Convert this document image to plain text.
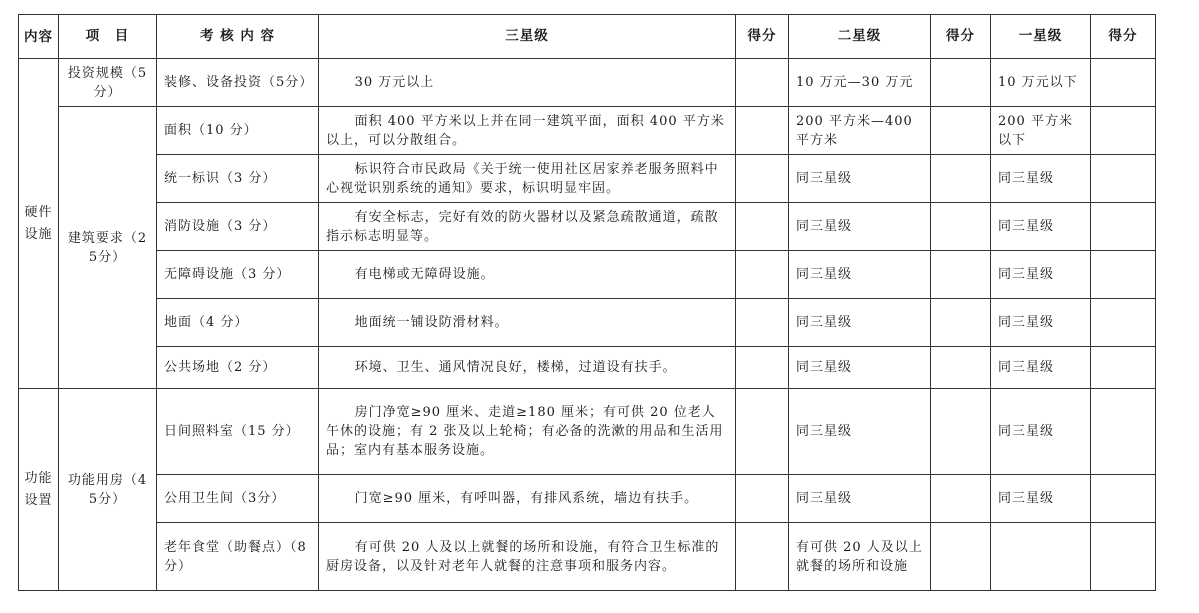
内容	项　目	考 核 内 容	三星级	得分	二星级	得分	一星级	得分
硬件设施	投资规模（5分）	装修、设备投资（5分）	30 万元以上		10 万元—30 万元		10 万元以下	
	建筑要求（25分）	面积（10 分）	面积 400 平方米以上并在同一建筑平面，面积 400 平方米以上，可以分散组合。		200 平方米—400 平方米		200 平方米以下	
		统一标识（3 分）	标识符合市民政局《关于统一使用社区居家养老服务照料中心视觉识别系统的通知》要求，标识明显牢固。		同三星级		同三星级	
		消防设施（3 分）	有安全标志，完好有效的防火器材以及紧急疏散通道，疏散指示标志明显等。		同三星级		同三星级	
		无障碍设施（3 分）	有电梯或无障碍设施。		同三星级		同三星级	
		地面（4 分）	地面统一铺设防滑材料。		同三星级		同三星级	
		公共场地（2 分）	环境、卫生、通风情况良好，楼梯，过道设有扶手。		同三星级		同三星级	
功能设置	功能用房（45分）	日间照料室（15 分）	房门净宽≥90 厘米、走道≥180 厘米；有可供 20 位老人午休的设施；有 2 张及以上轮椅；有必备的洗漱的用品和生活用品；室内有基本服务设施。		同三星级		同三星级	
		公用卫生间（3分）	门宽≥90 厘米，有呼叫器，有排风系统，墙边有扶手。		同三星级		同三星级	
		老年食堂（助餐点）（8 分）	有可供 20 人及以上就餐的场所和设施，有符合卫生标准的厨房设备，以及针对老年人就餐的注意事项和服务内容。		有可供 20 人及以上就餐的场所和设施			
